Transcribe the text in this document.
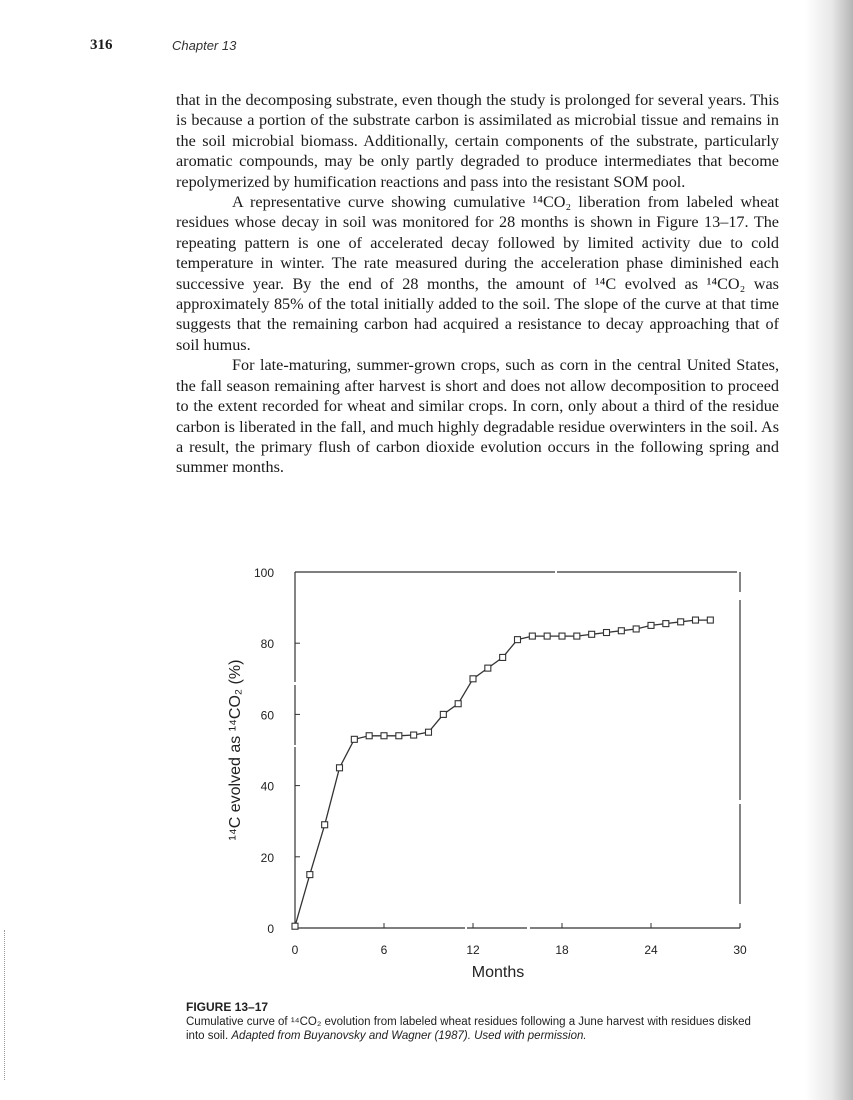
316	Chapter 13

that in the decomposing substrate, even though the study is prolonged for several years. This is because a portion of the substrate carbon is assimilated as microbial tissue and remains in the soil microbial biomass. Additionally, certain components of the substrate, particularly aromatic compounds, may be only partly degraded to produce intermediates that become repolymerized by humification reactions and pass into the resistant SOM pool.

A representative curve showing cumulative ¹⁴CO₂ liberation from labeled wheat residues whose decay in soil was monitored for 28 months is shown in Figure 13–17. The repeating pattern is one of accelerated decay followed by limited activity due to cold temperature in winter. The rate measured during the acceleration phase diminished each successive year. By the end of 28 months, the amount of ¹⁴C evolved as ¹⁴CO₂ was approximately 85% of the total initially added to the soil. The slope of the curve at that time suggests that the remaining carbon had acquired a resistance to decay approaching that of soil humus.

For late-maturing, summer-grown crops, such as corn in the central United States, the fall season remaining after harvest is short and does not allow decomposition to proceed to the extent recorded for wheat and similar crops. In corn, only about a third of the residue carbon is liberated in the fall, and much highly degradable residue overwinters in the soil. As a result, the primary flush of carbon dioxide evolution occurs in the following spring and summer months.

0
20
40
60
80
100
0	6	12	18	24	30
Months
¹⁴C evolved as ¹⁴CO₂ (%)
FIGURE 13–17
Cumulative curve of ¹⁴CO₂ evolution from labeled wheat residues following a June harvest with residues disked into soil. Adapted from Buyanovsky and Wagner (1987). Used with permission.
